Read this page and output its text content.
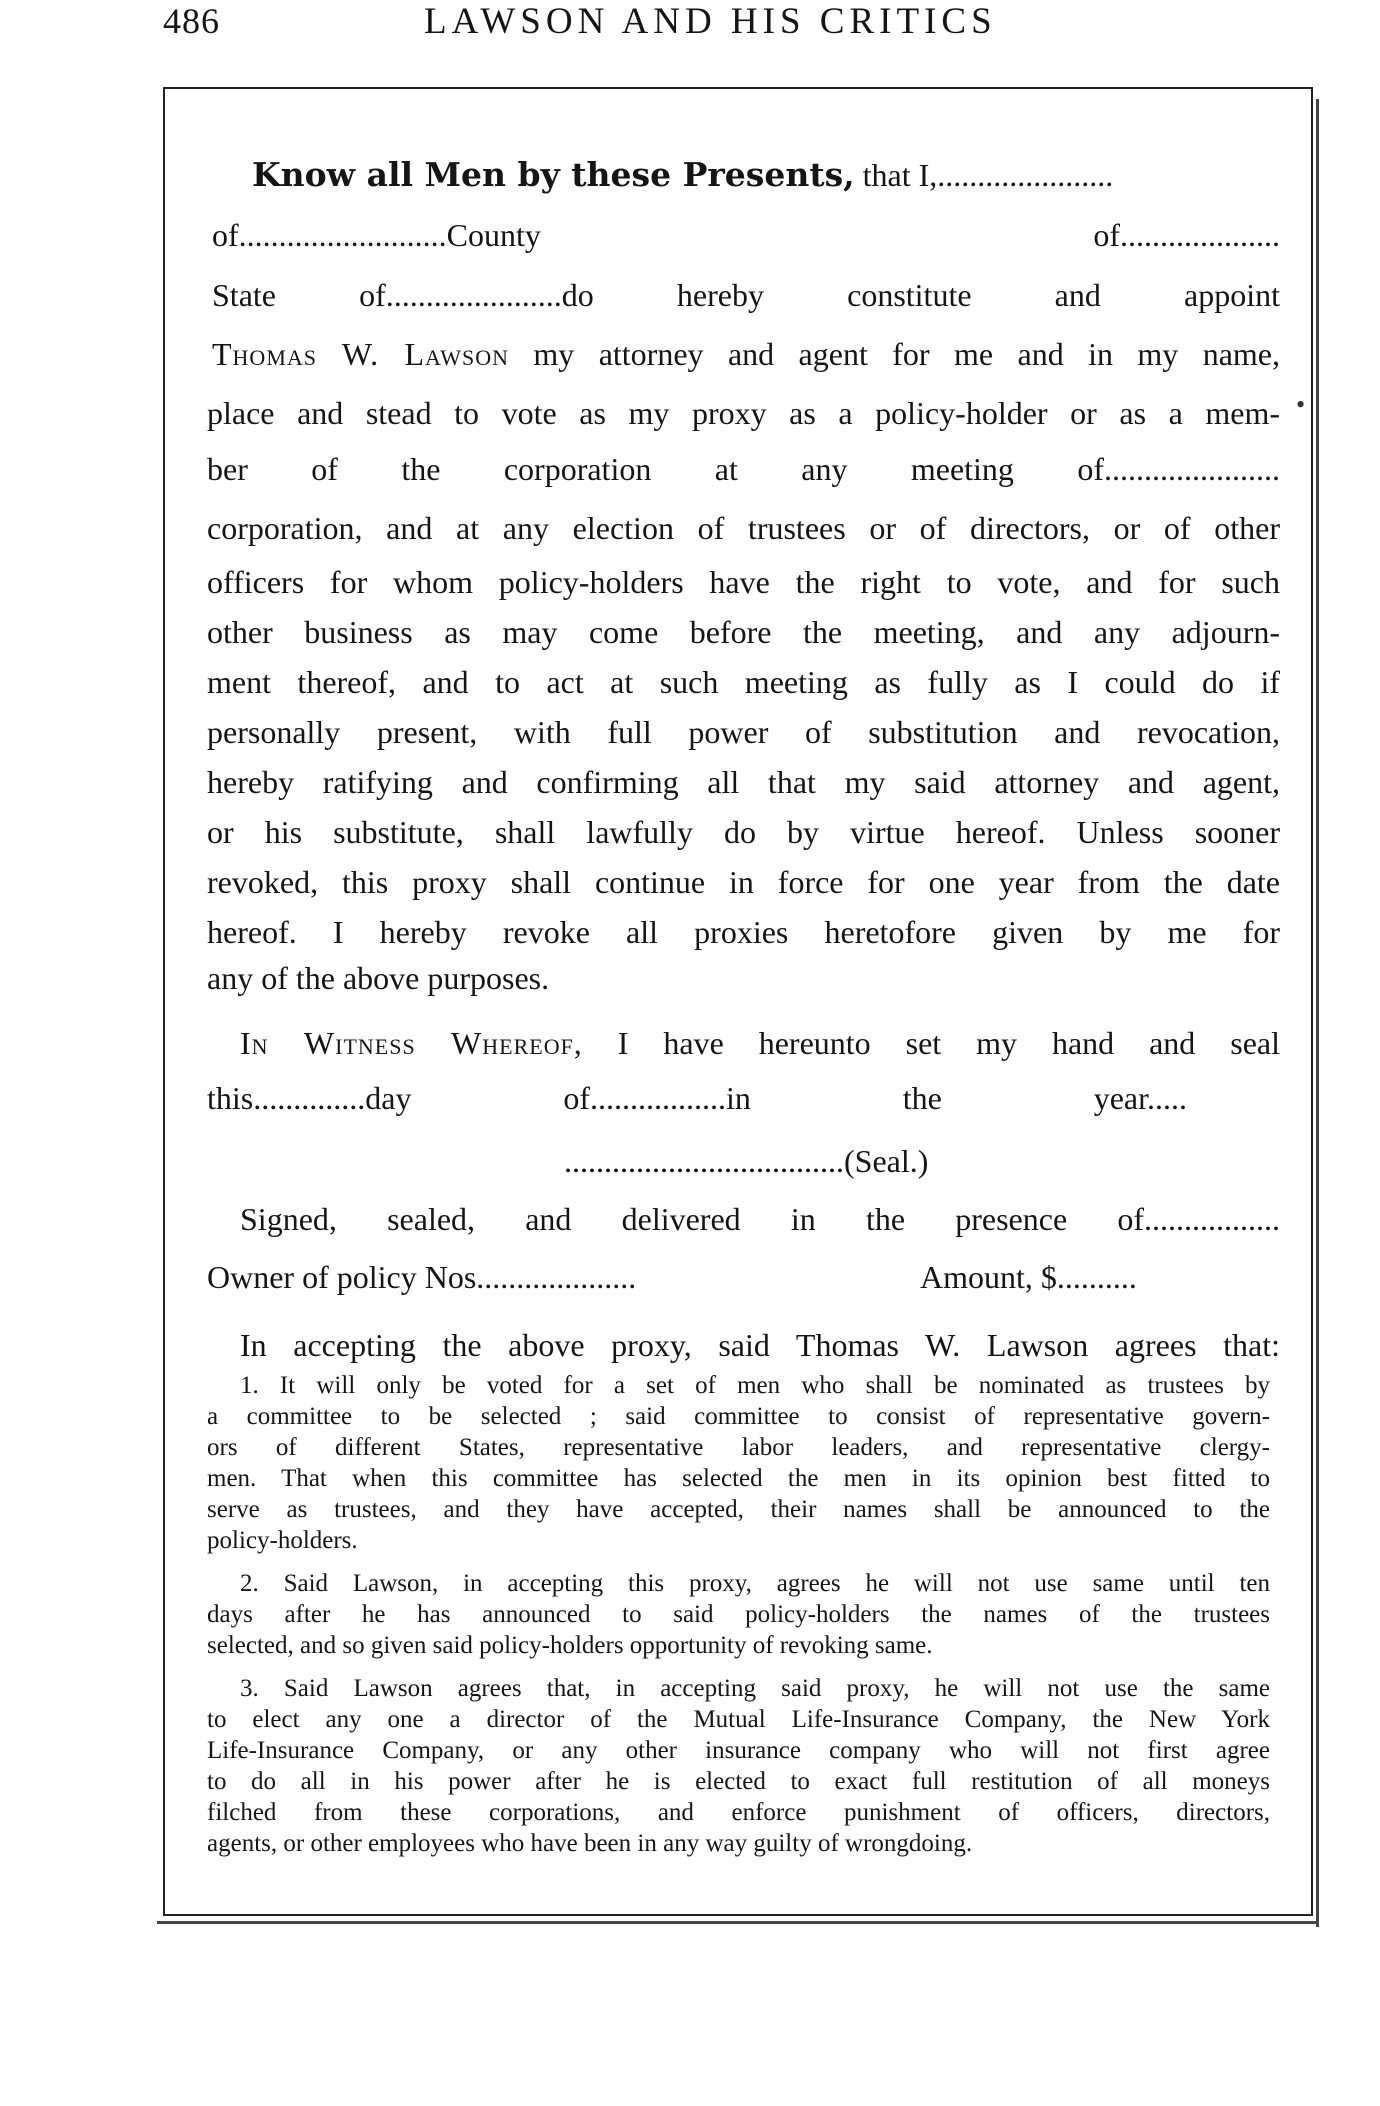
486	LAWSON AND HIS CRITICS
Know all Men by these Presents, that I,......................
of..........................County of....................
State of......................do hereby constitute and appoint
Thomas W. Lawson my attorney and agent for me and in my name,
place and stead to vote as my proxy as a policy-holder or as a mem-
ber of the corporation at any meeting of......................
corporation, and at any election of trustees or of directors, or of other
officers for whom policy-holders have the right to vote, and for such
other business as may come before the meeting, and any adjourn-
ment thereof, and to act at such meeting as fully as I could do if
personally present, with full power of substitution and revocation,
hereby ratifying and confirming all that my said attorney and agent,
or his substitute, shall lawfully do by virtue hereof. Unless sooner
revoked, this proxy shall continue in force for one year from the date
hereof. I hereby revoke all proxies heretofore given by me for
any of the above purposes.
In Witness Whereof, I have hereunto set my hand and seal
this..............day of.................in the year.....
...................................(Seal.)
Signed, sealed, and delivered in the presence of.................
Owner of policy Nos....................	Amount, $..........
In accepting the above proxy, said Thomas W. Lawson agrees that:
1. It will only be voted for a set of men who shall be nominated as trustees by
a committee to be selected ; said committee to consist of representative govern-
ors of different States, representative labor leaders, and representative clergy-
men. That when this committee has selected the men in its opinion best fitted to
serve as trustees, and they have accepted, their names shall be announced to the
policy-holders.
2. Said Lawson, in accepting this proxy, agrees he will not use same until ten
days after he has announced to said policy-holders the names of the trustees
selected, and so given said policy-holders opportunity of revoking same.
3. Said Lawson agrees that, in accepting said proxy, he will not use the same
to elect any one a director of the Mutual Life-Insurance Company, the New York
Life-Insurance Company, or any other insurance company who will not first agree
to do all in his power after he is elected to exact full restitution of all moneys
filched from these corporations, and enforce punishment of officers, directors,
agents, or other employees who have been in any way guilty of wrongdoing.
•
